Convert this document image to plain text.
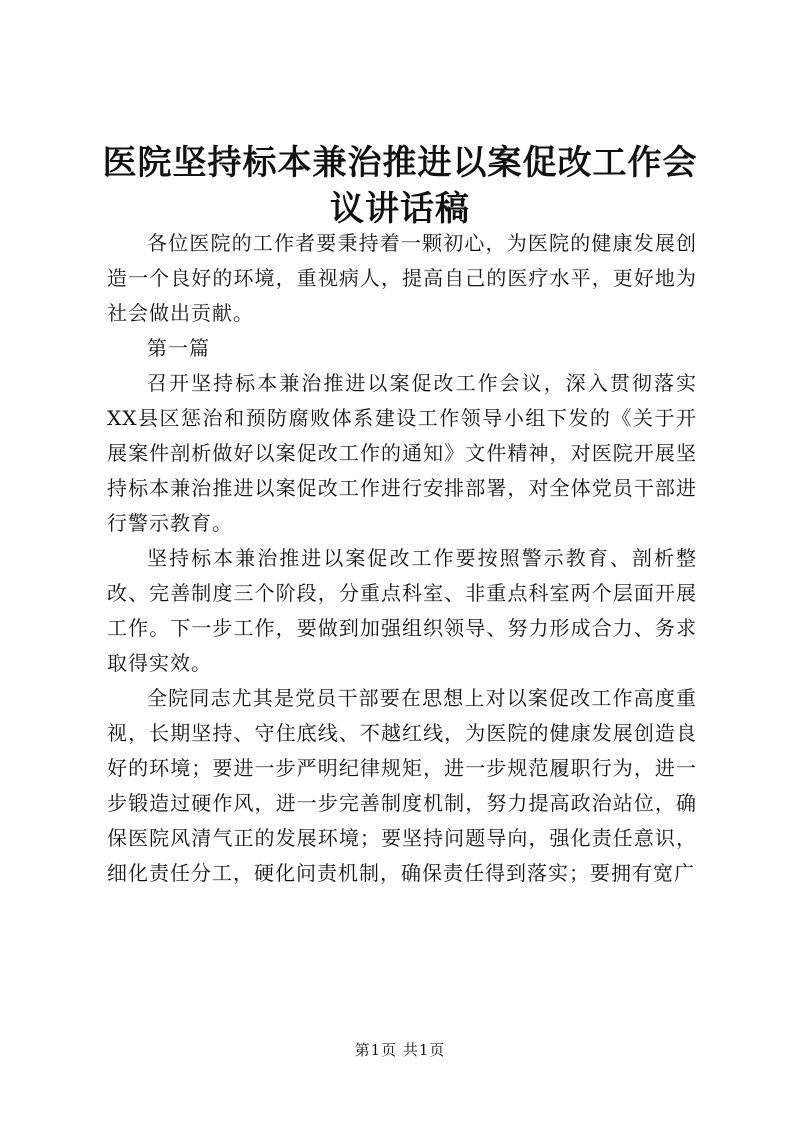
医院坚持标本兼治推进以案促改工作会议讲话稿

各位医院的工作者要秉持着一颗初心，为医院的健康发展创造一个良好的环境，重视病人，提高自己的医疗水平，更好地为社会做出贡献。

第一篇

召开坚持标本兼治推进以案促改工作会议，深入贯彻落实XX县区惩治和预防腐败体系建设工作领导小组下发的《关于开展案件剖析做好以案促改工作的通知》文件精神，对医院开展坚持标本兼治推进以案促改工作进行安排部署，对全体党员干部进行警示教育。

坚持标本兼治推进以案促改工作要按照警示教育、剖析整改、完善制度三个阶段，分重点科室、非重点科室两个层面开展工作。下一步工作，要做到加强组织领导、努力形成合力、务求取得实效。

全院同志尤其是党员干部要在思想上对以案促改工作高度重视，长期坚持、守住底线、不越红线，为医院的健康发展创造良好的环境；要进一步严明纪律规矩，进一步规范履职行为，进一步锻造过硬作风，进一步完善制度机制，努力提高政治站位，确保医院风清气正的发展环境；要坚持问题导向，强化责任意识，细化责任分工，硬化问责机制，确保责任得到落实；要拥有宽广

第1页 共1页
